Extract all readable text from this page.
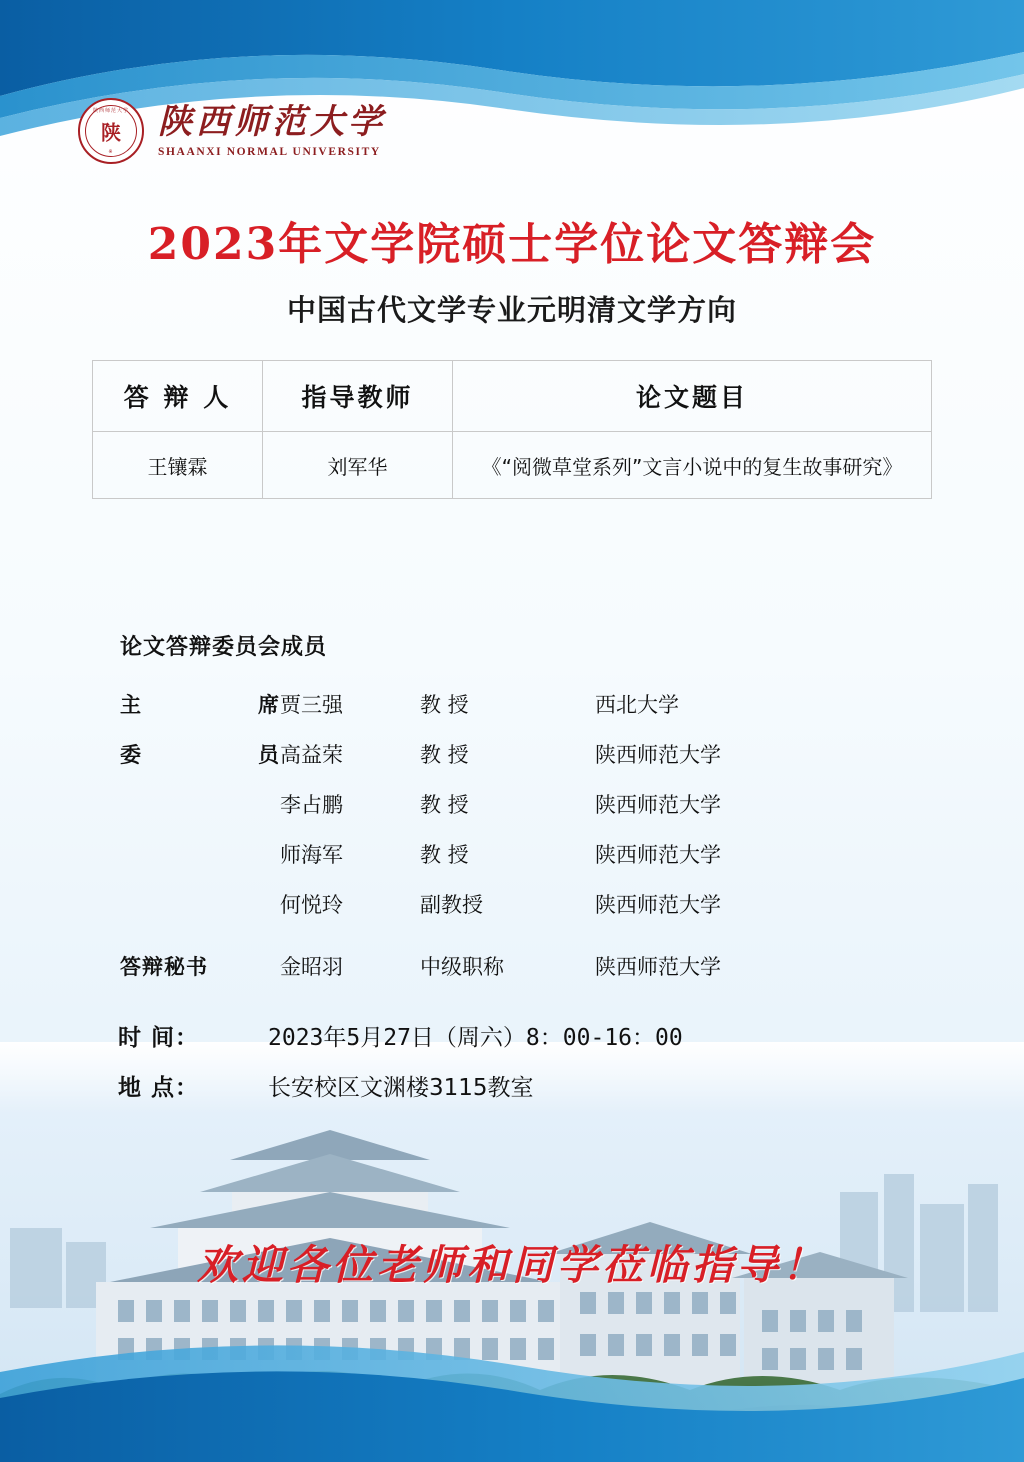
陕西师范大学
陕
※
陕西师范大学
SHAANXI NORMAL UNIVERSITY
2023年文学院硕士学位论文答辩会
中国古代文学专业元明清文学方向
答 辩 人	指导教师	论文题目
王镶霖	刘军华	《“阅微草堂系列”文言小说中的复生故事研究》
论文答辩委员会成员
主	席 贾三强	教 授	西北大学
委	员 高益荣	教 授	陕西师范大学
李占鹏	教 授	陕西师范大学
师海军	教 授	陕西师范大学
何悦玲	副教授	陕西师范大学
答辩秘书	金昭羽	中级职称	陕西师范大学
时 间：	2023年5月27日（周六）8：00-16：00
地 点：	长安校区文渊楼3115教室
欢迎各位老师和同学莅临指导！
